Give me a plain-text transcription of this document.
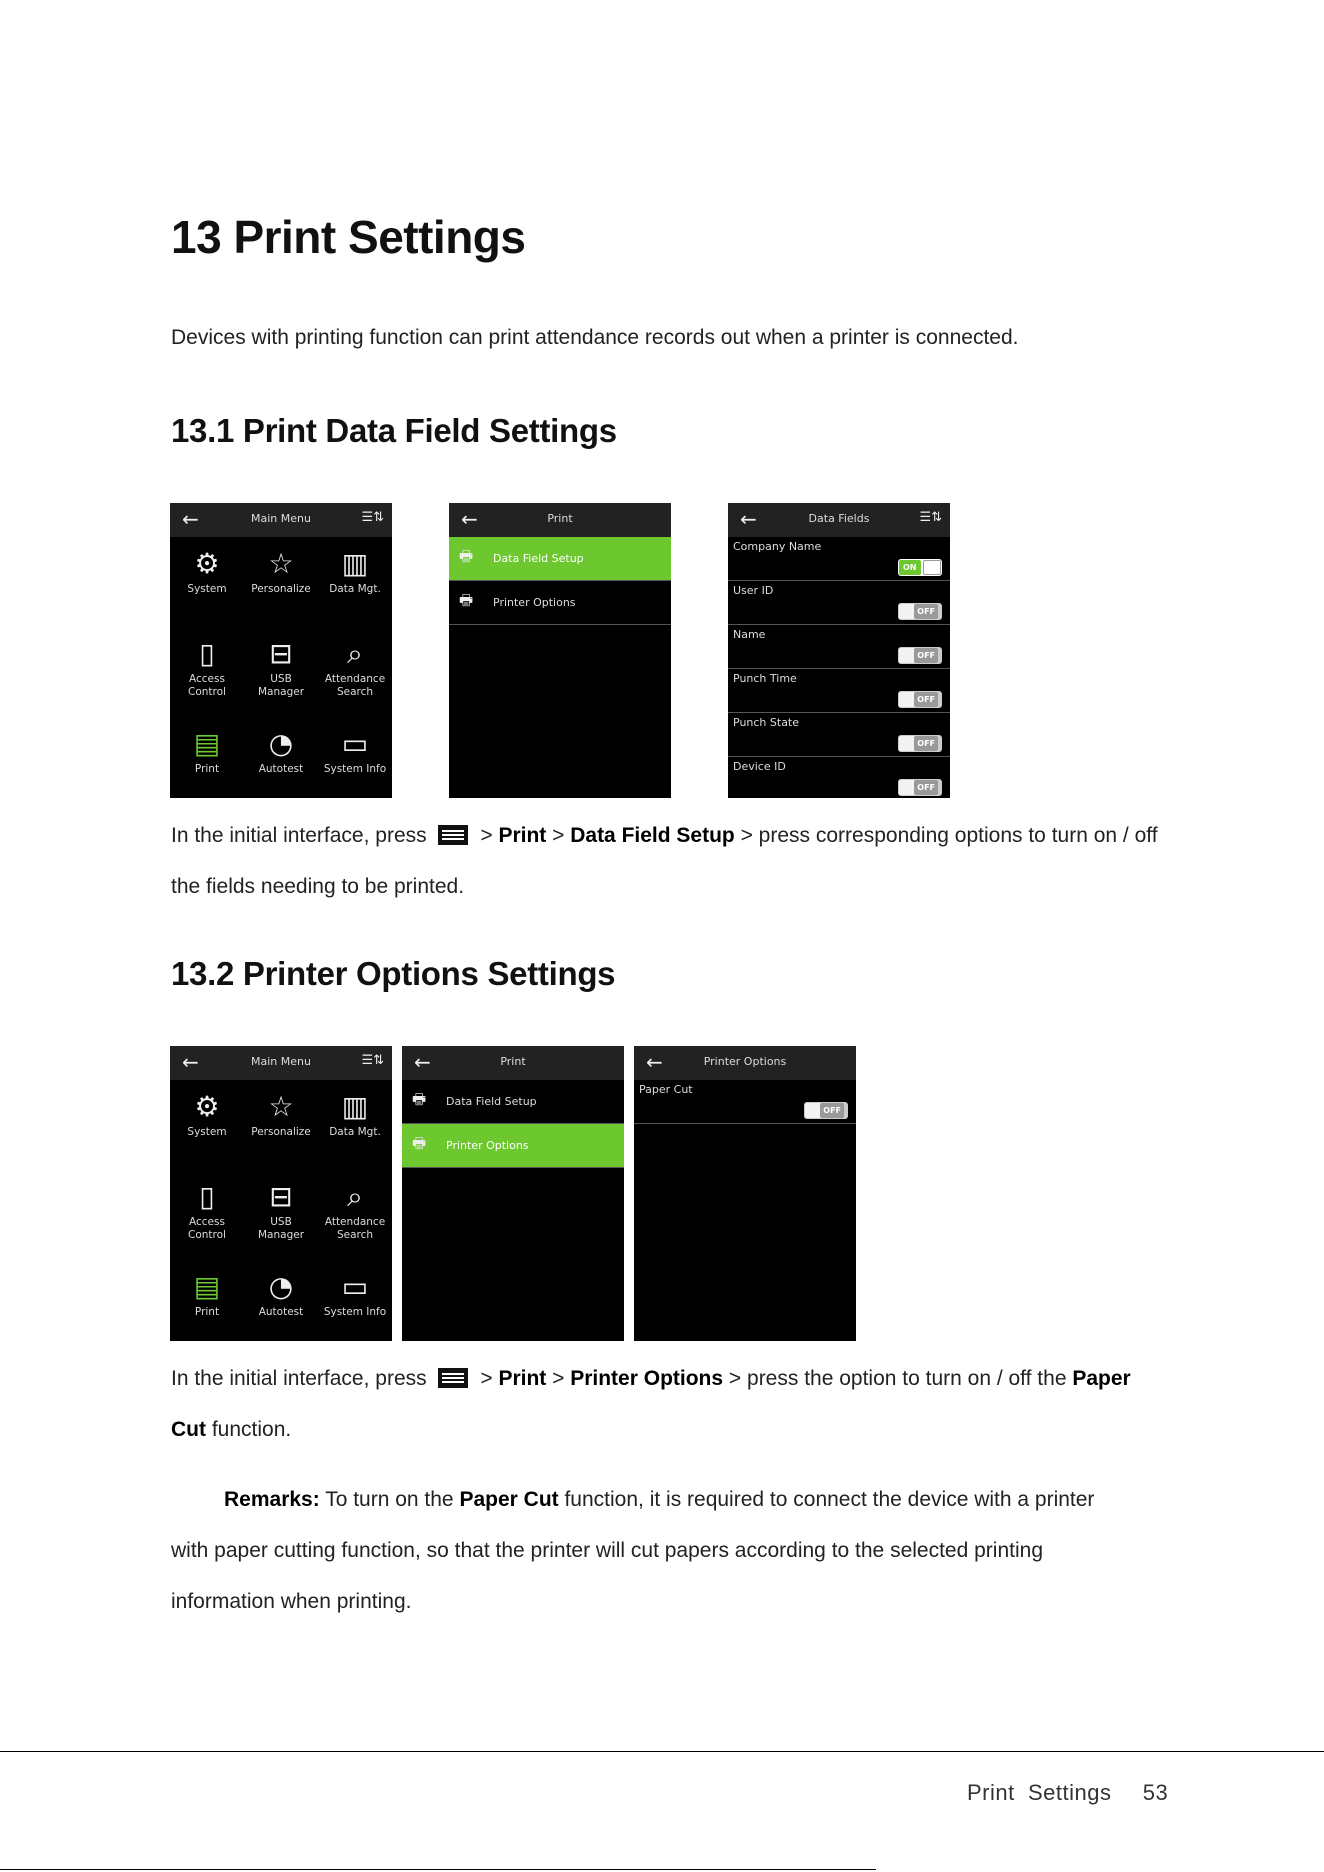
13 Print Settings
Devices with printing function can print attendance records out when a printer is connected.
13.1 Print Data Field Settings
←	Main Menu	☰⇅
⚙
System
☆
Personalize
▥
Data Mgt.
▯
Access
Control
⊟
USB
Manager
⌕
Attendance
Search
▤
Print
◔
Autotest
▭
System Info
←	Print
🖶	Data Field Setup
🖶	Printer Options
←	Data Fields	☰⇅
Company Name
ON
User ID
OFF
Name
OFF
Punch Time
OFF
Punch State
OFF
Device ID
OFF
In the initial interface, press	> Print > Data Field Setup > press corresponding options to turn on / off the fields needing to be printed.
13.2 Printer Options Settings
←	Main Menu	☰⇅
⚙
System
☆
Personalize
▥
Data Mgt.
▯
Access
Control
⊟
USB
Manager
⌕
Attendance
Search
▤
Print
◔
Autotest
▭
System Info
←	Print
🖶	Data Field Setup
🖶	Printer Options
←	Printer Options
Paper Cut
OFF
In the initial interface, press	> Print > Printer Options > press the option to turn on / off the Paper Cut function.
Remarks: To turn on the Paper Cut function, it is required to connect the device with a printer with paper cutting function, so that the printer will cut papers according to the selected printing information when printing.
Print  Settings 53
